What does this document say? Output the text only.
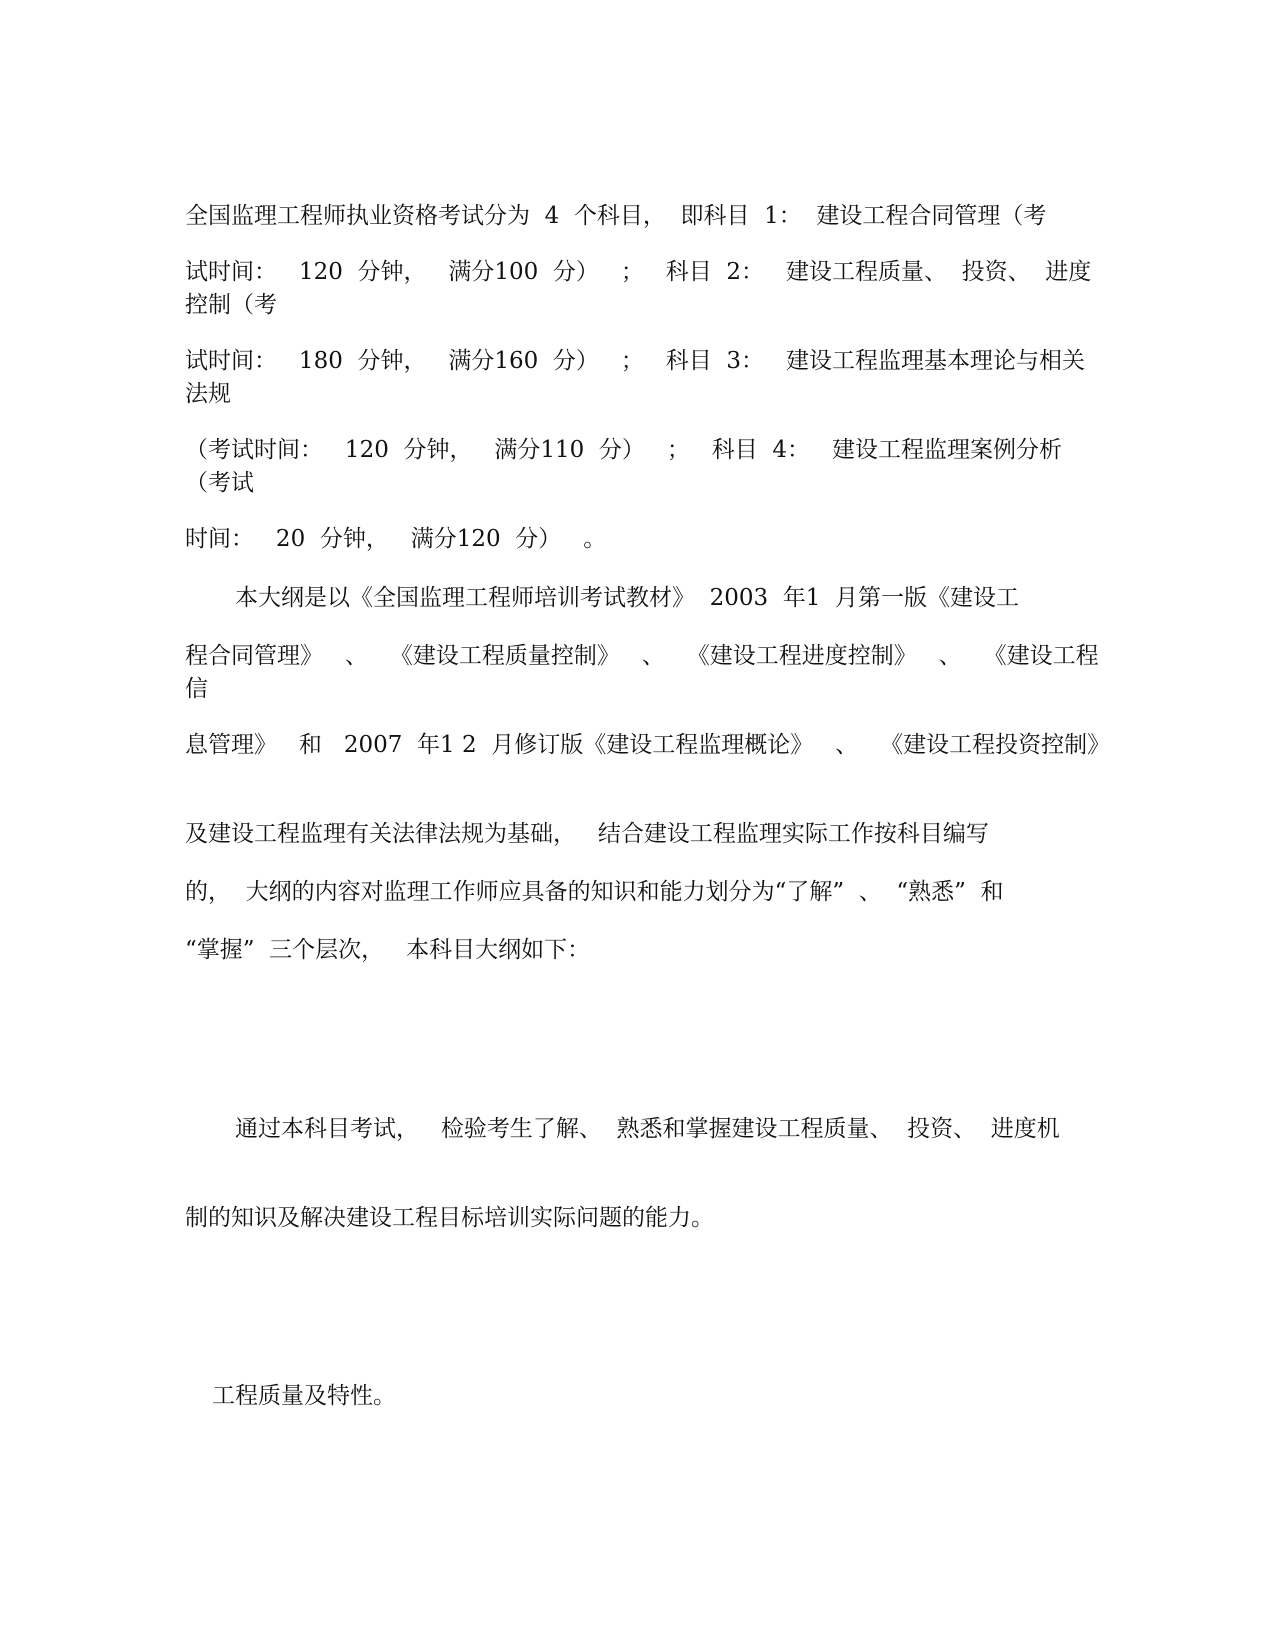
全国监理工程师执业资格考试分为  4  个科目，  即科目  1：  建设工程合同管理（考

试时间：   120  分钟，   满分100  分）   ；   科目  2：   建设工程质量、  投资、  进度控制（考

试时间：   180  分钟，   满分160  分）   ；   科目  3：   建设工程监理基本理论与相关法规

（考试时间：   120  分钟，   满分110  分）   ；   科目  4：   建设工程监理案例分析（考试

时间：   20  分钟，   满分120  分）   。

本大纲是以《全国监理工程师培训考试教材》  2003  年1  月第一版《建设工

程合同管理》   、   《建设工程质量控制》   、   《建设工程进度控制》   、   《建设工程信

息管理》   和   2007  年1 2  月修订版《建设工程监理概论》   、   《建设工程投资控制》

及建设工程监理有关法律法规为基础，   结合建设工程监理实际工作按科目编写

的，  大纲的内容对监理工作师应具备的知识和能力划分为“了解”  、  “熟悉”  和

“掌握”  三个层次，   本科目大纲如下：

通过本科目考试，   检验考生了解、  熟悉和掌握建设工程质量、  投资、  进度机

制的知识及解决建设工程目标培训实际问题的能力。

工程质量及特性。
